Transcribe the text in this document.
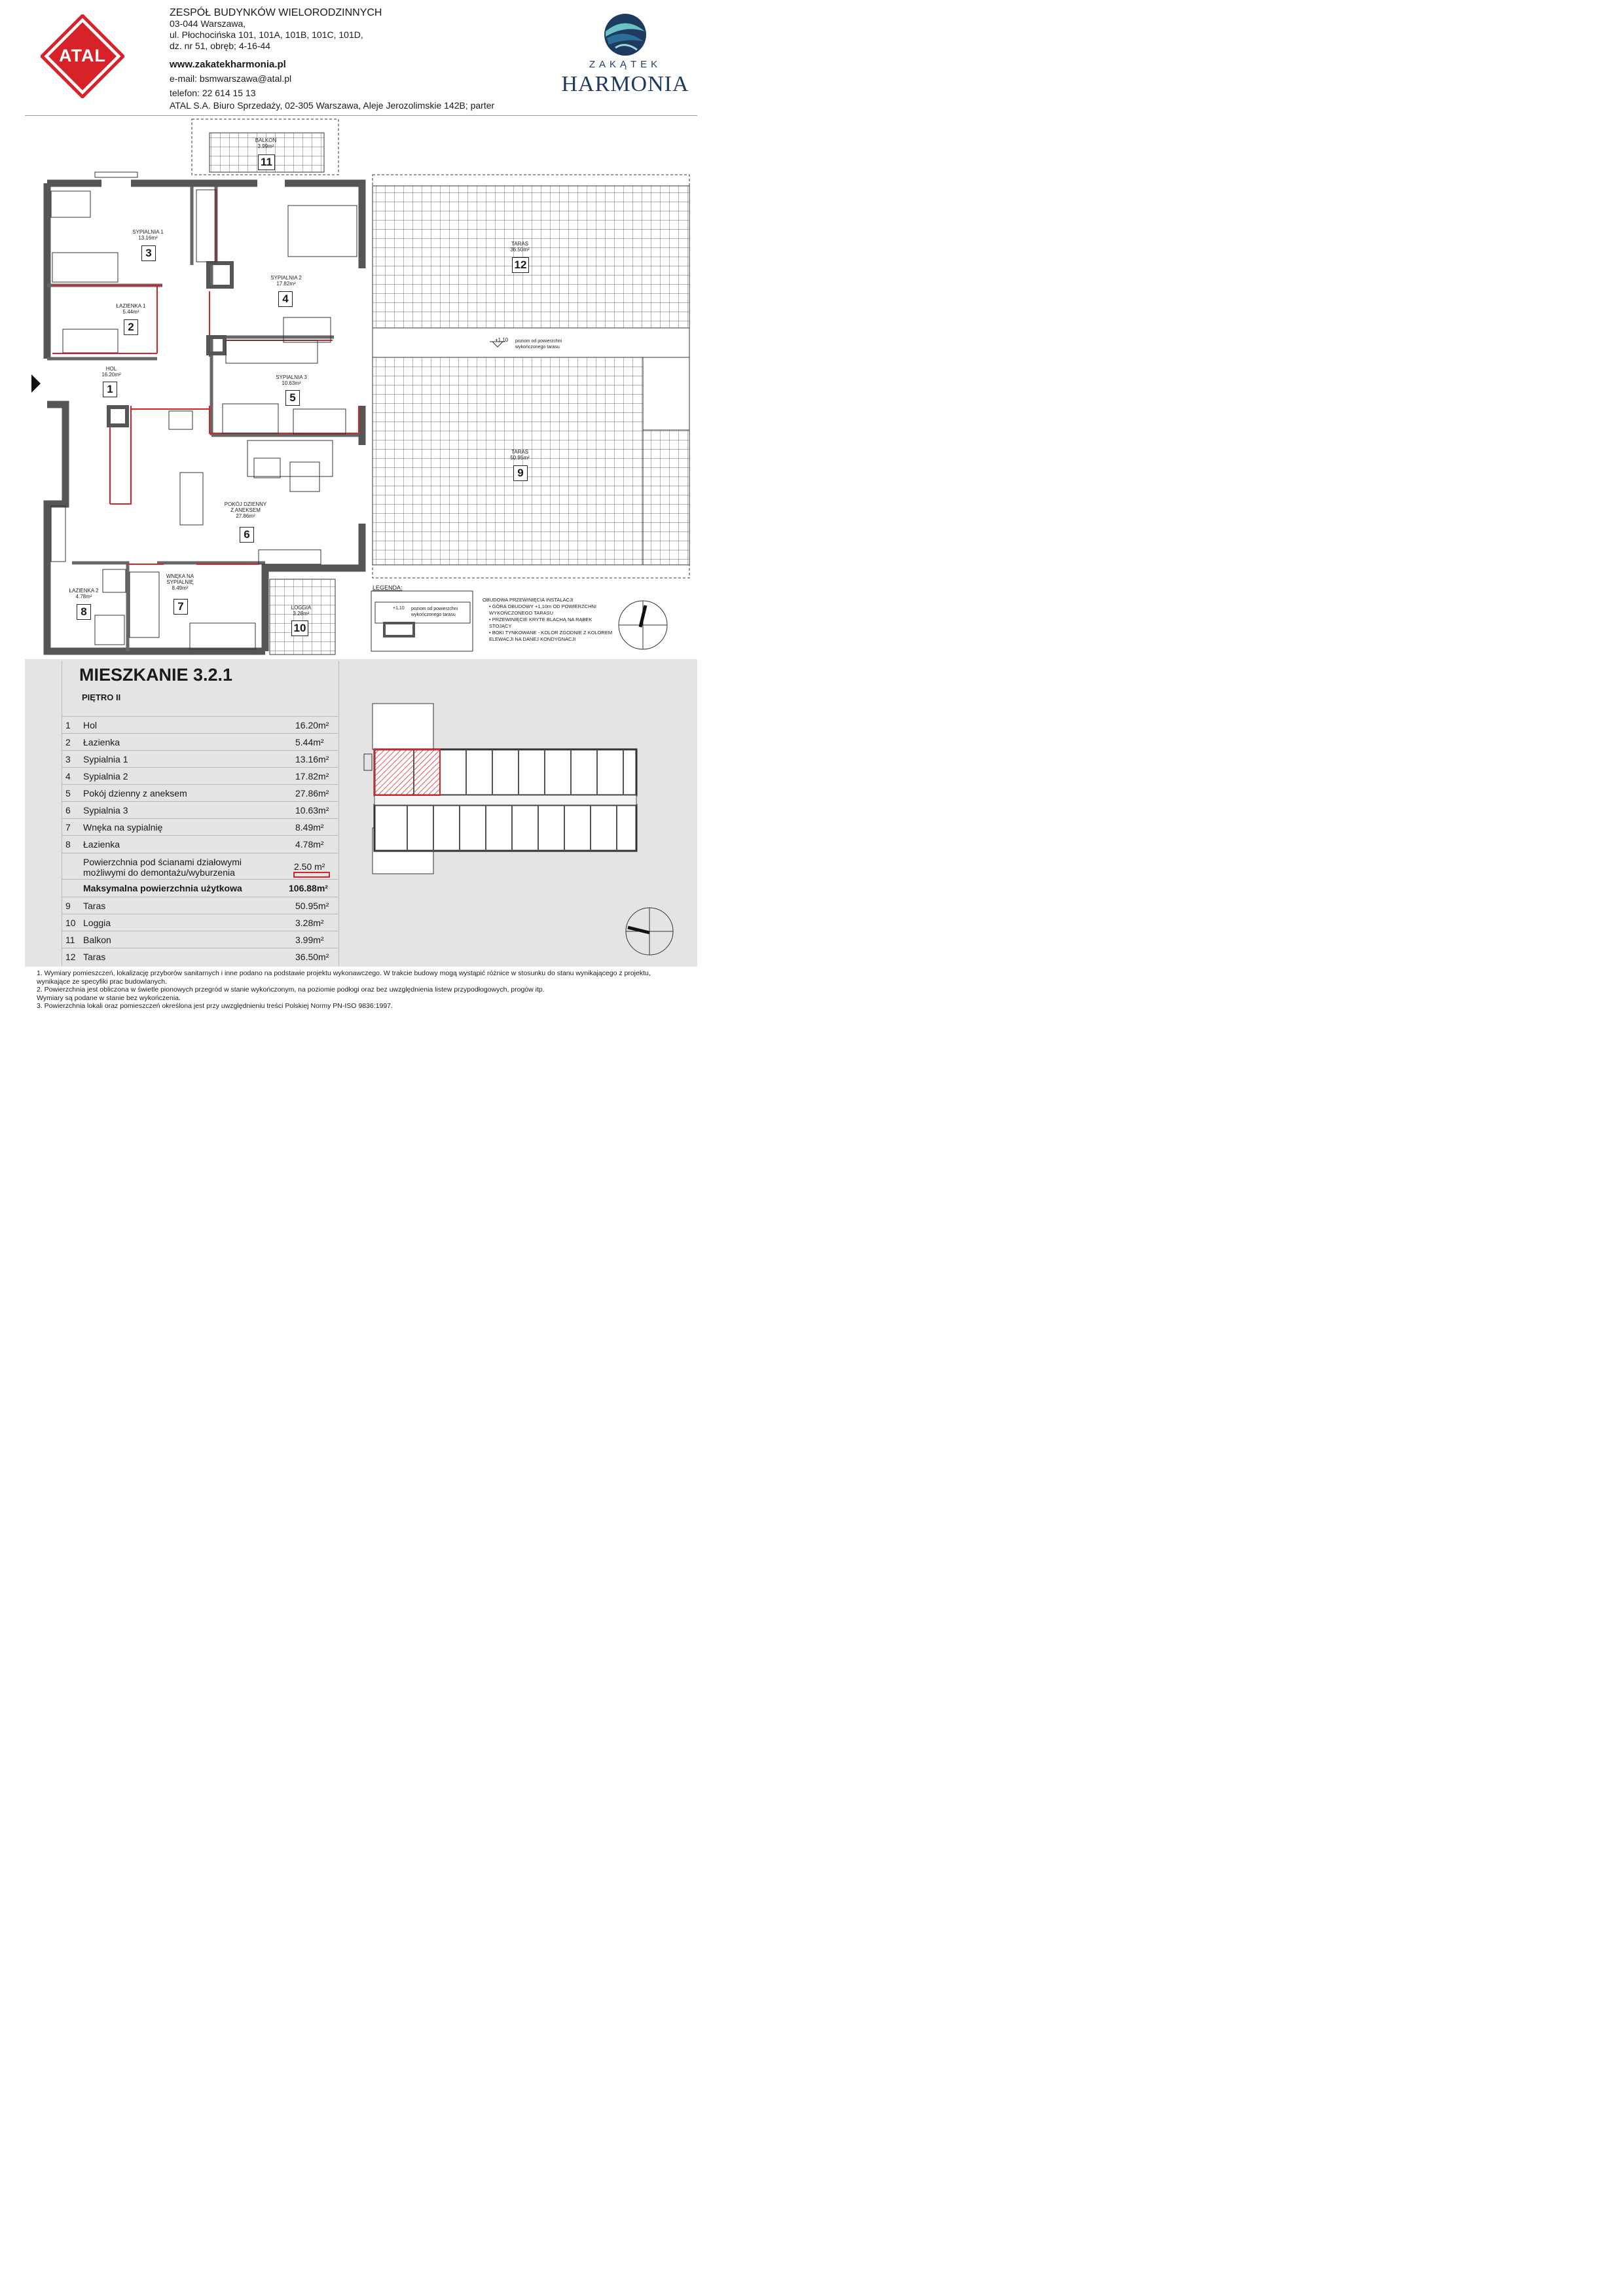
ATAL
ZESPÓŁ BUDYNKÓW WIELORODZINNYCH
03-044 Warszawa,
ul. Płochocińska 101, 101A, 101B, 101C, 101D,
dz. nr 51, obręb; 4-16-44
www.zakatekharmonia.pl
e-mail: bsmwarszawa@atal.pl
telefon: 22 614 15 13
ATAL S.A. Biuro Sprzedaży, 02-305 Warszawa, Aleje Jerozolimskie 142B; parter
ZAKĄTEK
HARMONIA
SYPIALNIA 1
13.16m²
3
ŁAZIENKA 1
5.44m²
2
HOL
16.20m²
1
SYPIALNIA 2
17.82m²
4
SYPIALNIA 3
10.63m²
5
POKÓJ DZIENNY
Z ANEKSEM
27.86m²
6
WNĘKA NA
SYPIALNIĘ
8.49m²
7
ŁAZIENKA 2
4.78m²
8	LOGGIA
3.28m²
10
BALKON
3.99m²
11
TARAS
36.50m²
12
TARAS
50.95m²
9
+1,10 poziom od powierzchni
wykończonego tarasu
LEGENDA:
+1,10 poziom od powierzchni
wykończonego tarasu
OBUDOWA PRZEWINIĘCIA INSTALACJI
• GÓRA OBUDOWY +1,10m OD POWIERZCHNI WYKOŃCZONEGO TARASU
• PRZEWINIĘCIE KRYTE BLACHĄ NA RĄBEK STOJĄCY
• BOKI TYNKOWANE - KOLOR ZGODNIE Z KOLOREM ELEWACJI NA DANEJ KONDYGNACJI
MIESZKANIE 3.2.1
PIĘTRO II
1	Hol	16.20m²
2	Łazienka	5.44m²
3	Sypialnia 1	13.16m²
4	Sypialnia 2	17.82m²
5	Pokój dzienny z aneksem	27.86m²
6	Sypialnia 3	10.63m²
7	Wnęka na sypialnię	8.49m²
8	Łazienka	4.78m²
Powierzchnia pod ścianami działowymi
możliwymi do demontażu/wyburzenia
2.50 m²
Maksymalna powierzchnia użytkowa	106.88m²
9	Taras	50.95m²
10 Loggia	3.28m²
11 Balkon	3.99m²
12 Taras	36.50m²
1. Wymiary pomieszczeń, lokalizację przyborów sanitarnych i inne podano na podstawie projektu wykonawczego. W trakcie budowy mogą wystąpić różnice w stosunku do stanu wynikającego z projektu,
wynikające ze specyfiki prac budowlanych.
2. Powierzchnia jest obliczona w świetle pionowych przegród w stanie wykończonym, na poziomie podłogi oraz bez uwzględnienia listew przypodłogowych, progów itp.
Wymiary są podane w stanie bez wykończenia.
3. Powierzchnia lokali oraz pomieszczeń określona jest przy uwzględnieniu treści Polskiej Normy PN-ISO 9836:1997.
